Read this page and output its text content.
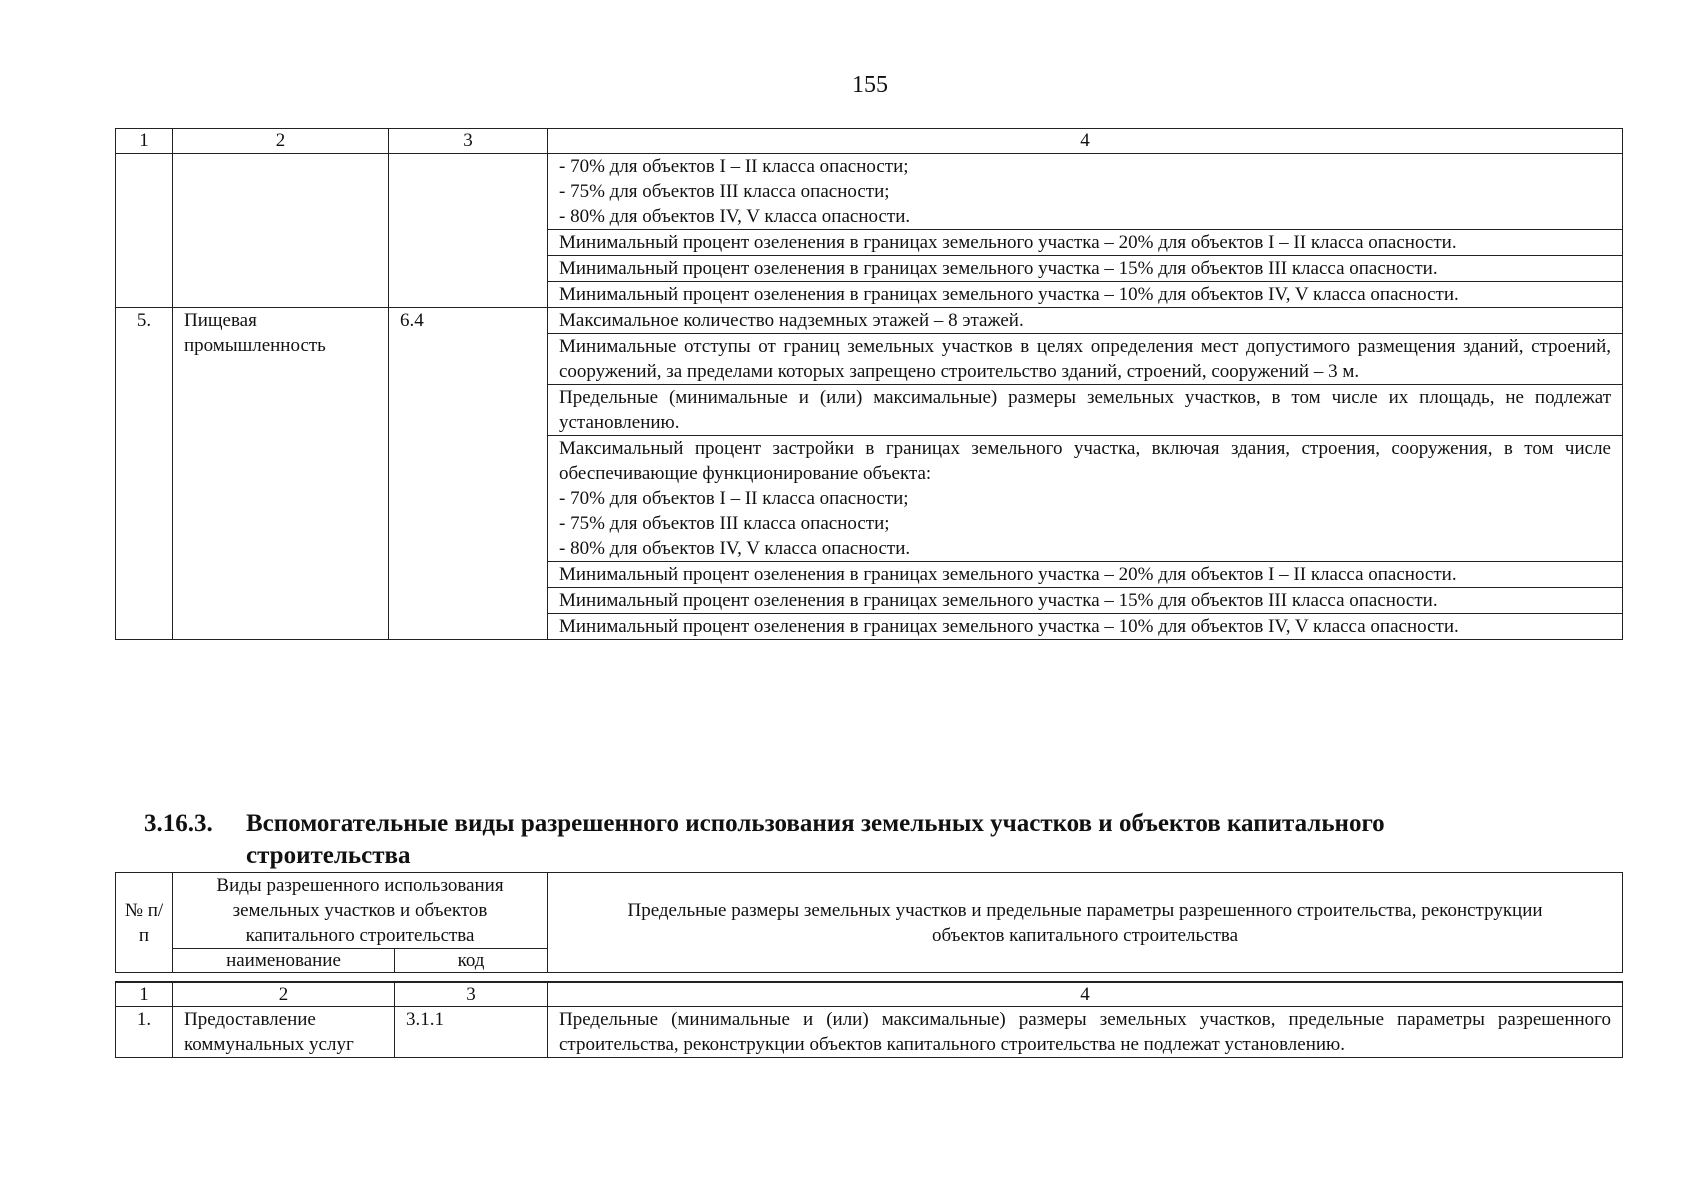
155
1	2	3	4

			- 70% для объектов I – II класса опасности;
- 75% для объектов III класса опасности;
- 80% для объектов IV, V класса опасности.

			Минимальный процент озеленения в границах земельного участка – 20% для объектов I – II класса опасности.
			Минимальный процент озеленения в границах земельного участка – 15% для объектов III класса опасности.
			Минимальный процент озеленения в границах земельного участка – 10% для объектов IV, V класса опасности.
5.	Пищевая промышленность	6.4	Максимальное количество надземных этажей – 8 этажей.
			Минимальные отступы от границ земельных участков в целях определения мест допустимого размещения зданий, строений, сооружений, за пределами которых запрещено строительство зданий, строений, сооружений – 3 м.
			Предельные (минимальные и (или) максимальные) размеры земельных участков, в том числе их площадь, не подлежат установлению.
			Максимальный процент застройки в границах земельного участка, включая здания, строения, сооружения, в том числе обеспечивающие функционирование объекта:
- 70% для объектов I – II класса опасности;
- 75% для объектов III класса опасности;
- 80% для объектов IV, V класса опасности.

			Минимальный процент озеленения в границах земельного участка – 20% для объектов I – II класса опасности.
			Минимальный процент озеленения в границах земельного участка – 15% для объектов III класса опасности.
			Минимальный процент озеленения в границах земельного участка – 10% для объектов IV, V класса опасности.
3.16.3. Вспомогательные виды разрешенного использования земельных участков и объектов капитального
строительства
№ п/п	Виды разрешенного использования земельных участков и объектов капитального строительства		Предельные размеры земельных участков и предельные параметры разрешенного строительства, реконструкции объектов капитального строительства
	наименование	код	
1	2	3	4
1.	Предоставление коммунальных услуг	3.1.1	Предельные (минимальные и (или) максимальные) размеры земельных участков, предельные параметры разрешенного строительства, реконструкции объектов капитального строительства не подлежат установлению.
